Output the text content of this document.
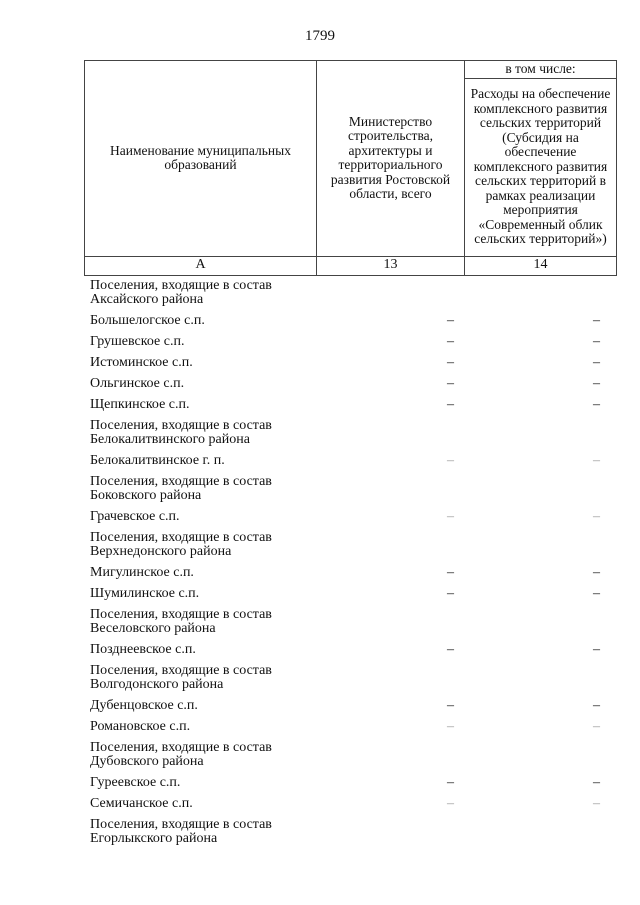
1799
Наименование муниципальных образований	Министерство строительства, архитектуры и территориального развития Ростовской области, всего	в том числе:
		Расходы на обеспечение комплексного развития сельских территорий (Субсидия на обеспечение комплексного развития сельских территорий в рамках реализации мероприятия «Современный облик сельских территорий»)
А	13	14
Поселения, входящие в состав Аксайского района
Большелогское с.п.	–	–
Грушевское с.п.	–	–
Истоминское с.п.	–	–
Ольгинское с.п.	–	–
Щепкинское с.п.	–	–
Поселения, входящие в состав Белокалитвинского района
Белокалитвинское г. п.	–	–
Поселения, входящие в состав Боковского района
Грачевское с.п.	–	–
Поселения, входящие в состав Верхнедонского района
Мигулинское с.п.	–	–
Шумилинское с.п.	–	–
Поселения, входящие в состав Веселовского района
Позднеевское с.п.	–	–
Поселения, входящие в состав Волгодонского района
Дубенцовское с.п.	–	–
Романовское с.п.	–	–
Поселения, входящие в состав Дубовского района
Гуреевское с.п.	–	–
Семичанское с.п.	–	–
Поселения, входящие в состав Егорлыкского района
